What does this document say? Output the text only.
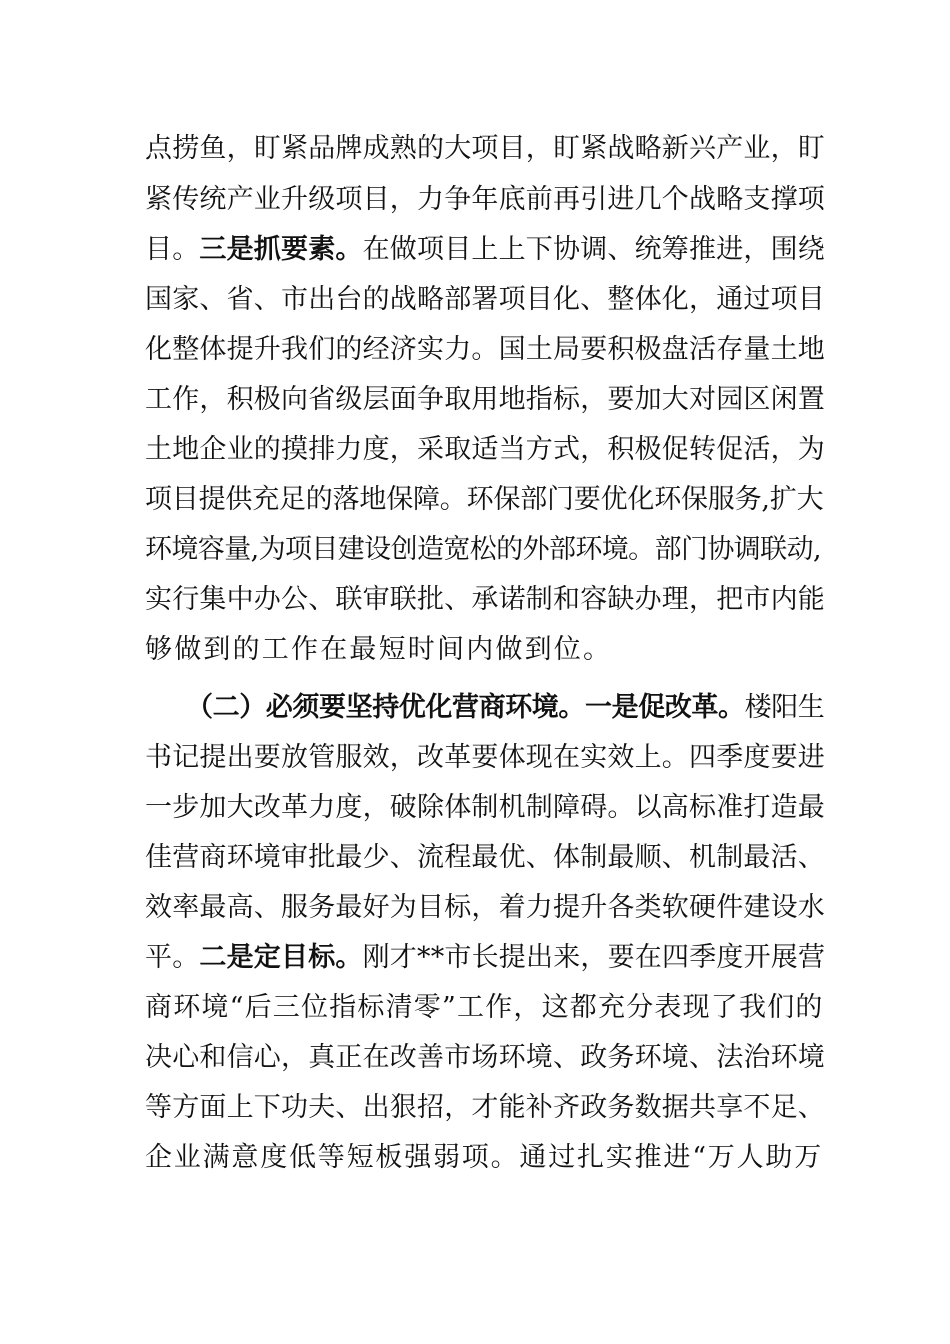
点捞鱼，盯紧品牌成熟的大项目，盯紧战略新兴产业，盯
紧传统产业升级项目，力争年底前再引进几个战略支撑项
目。三是抓要素。在做项目上上下协调、统筹推进，围绕
国家、省、市出台的战略部署项目化、整体化，通过项目
化整体提升我们的经济实力。国土局要积极盘活存量土地
工作，积极向省级层面争取用地指标，要加大对园区闲置
土地企业的摸排力度，采取适当方式，积极促转促活，为
项目提供充足的落地保障。环保部门要优化环保服务,扩大
环境容量,为项目建设创造宽松的外部环境。部门协调联动,
实行集中办公、联审联批、承诺制和容缺办理，把市内能
够做到的工作在最短时间内做到位。
（二）必须要坚持优化营商环境。一是促改革。楼阳生
书记提出要放管服效，改革要体现在实效上。四季度要进
一步加大改革力度，破除体制机制障碍。以高标准打造最
佳营商环境审批最少、流程最优、体制最顺、机制最活、
效率最高、服务最好为目标，着力提升各类软硬件建设水
平。二是定目标。刚才**市长提出来，要在四季度开展营
商环境“后三位指标清零”工作，这都充分表现了我们的
决心和信心，真正在改善市场环境、政务环境、法治环境
等方面上下功夫、出狠招，才能补齐政务数据共享不足、
企业满意度低等短板强弱项。通过扎实推进“万人助万
